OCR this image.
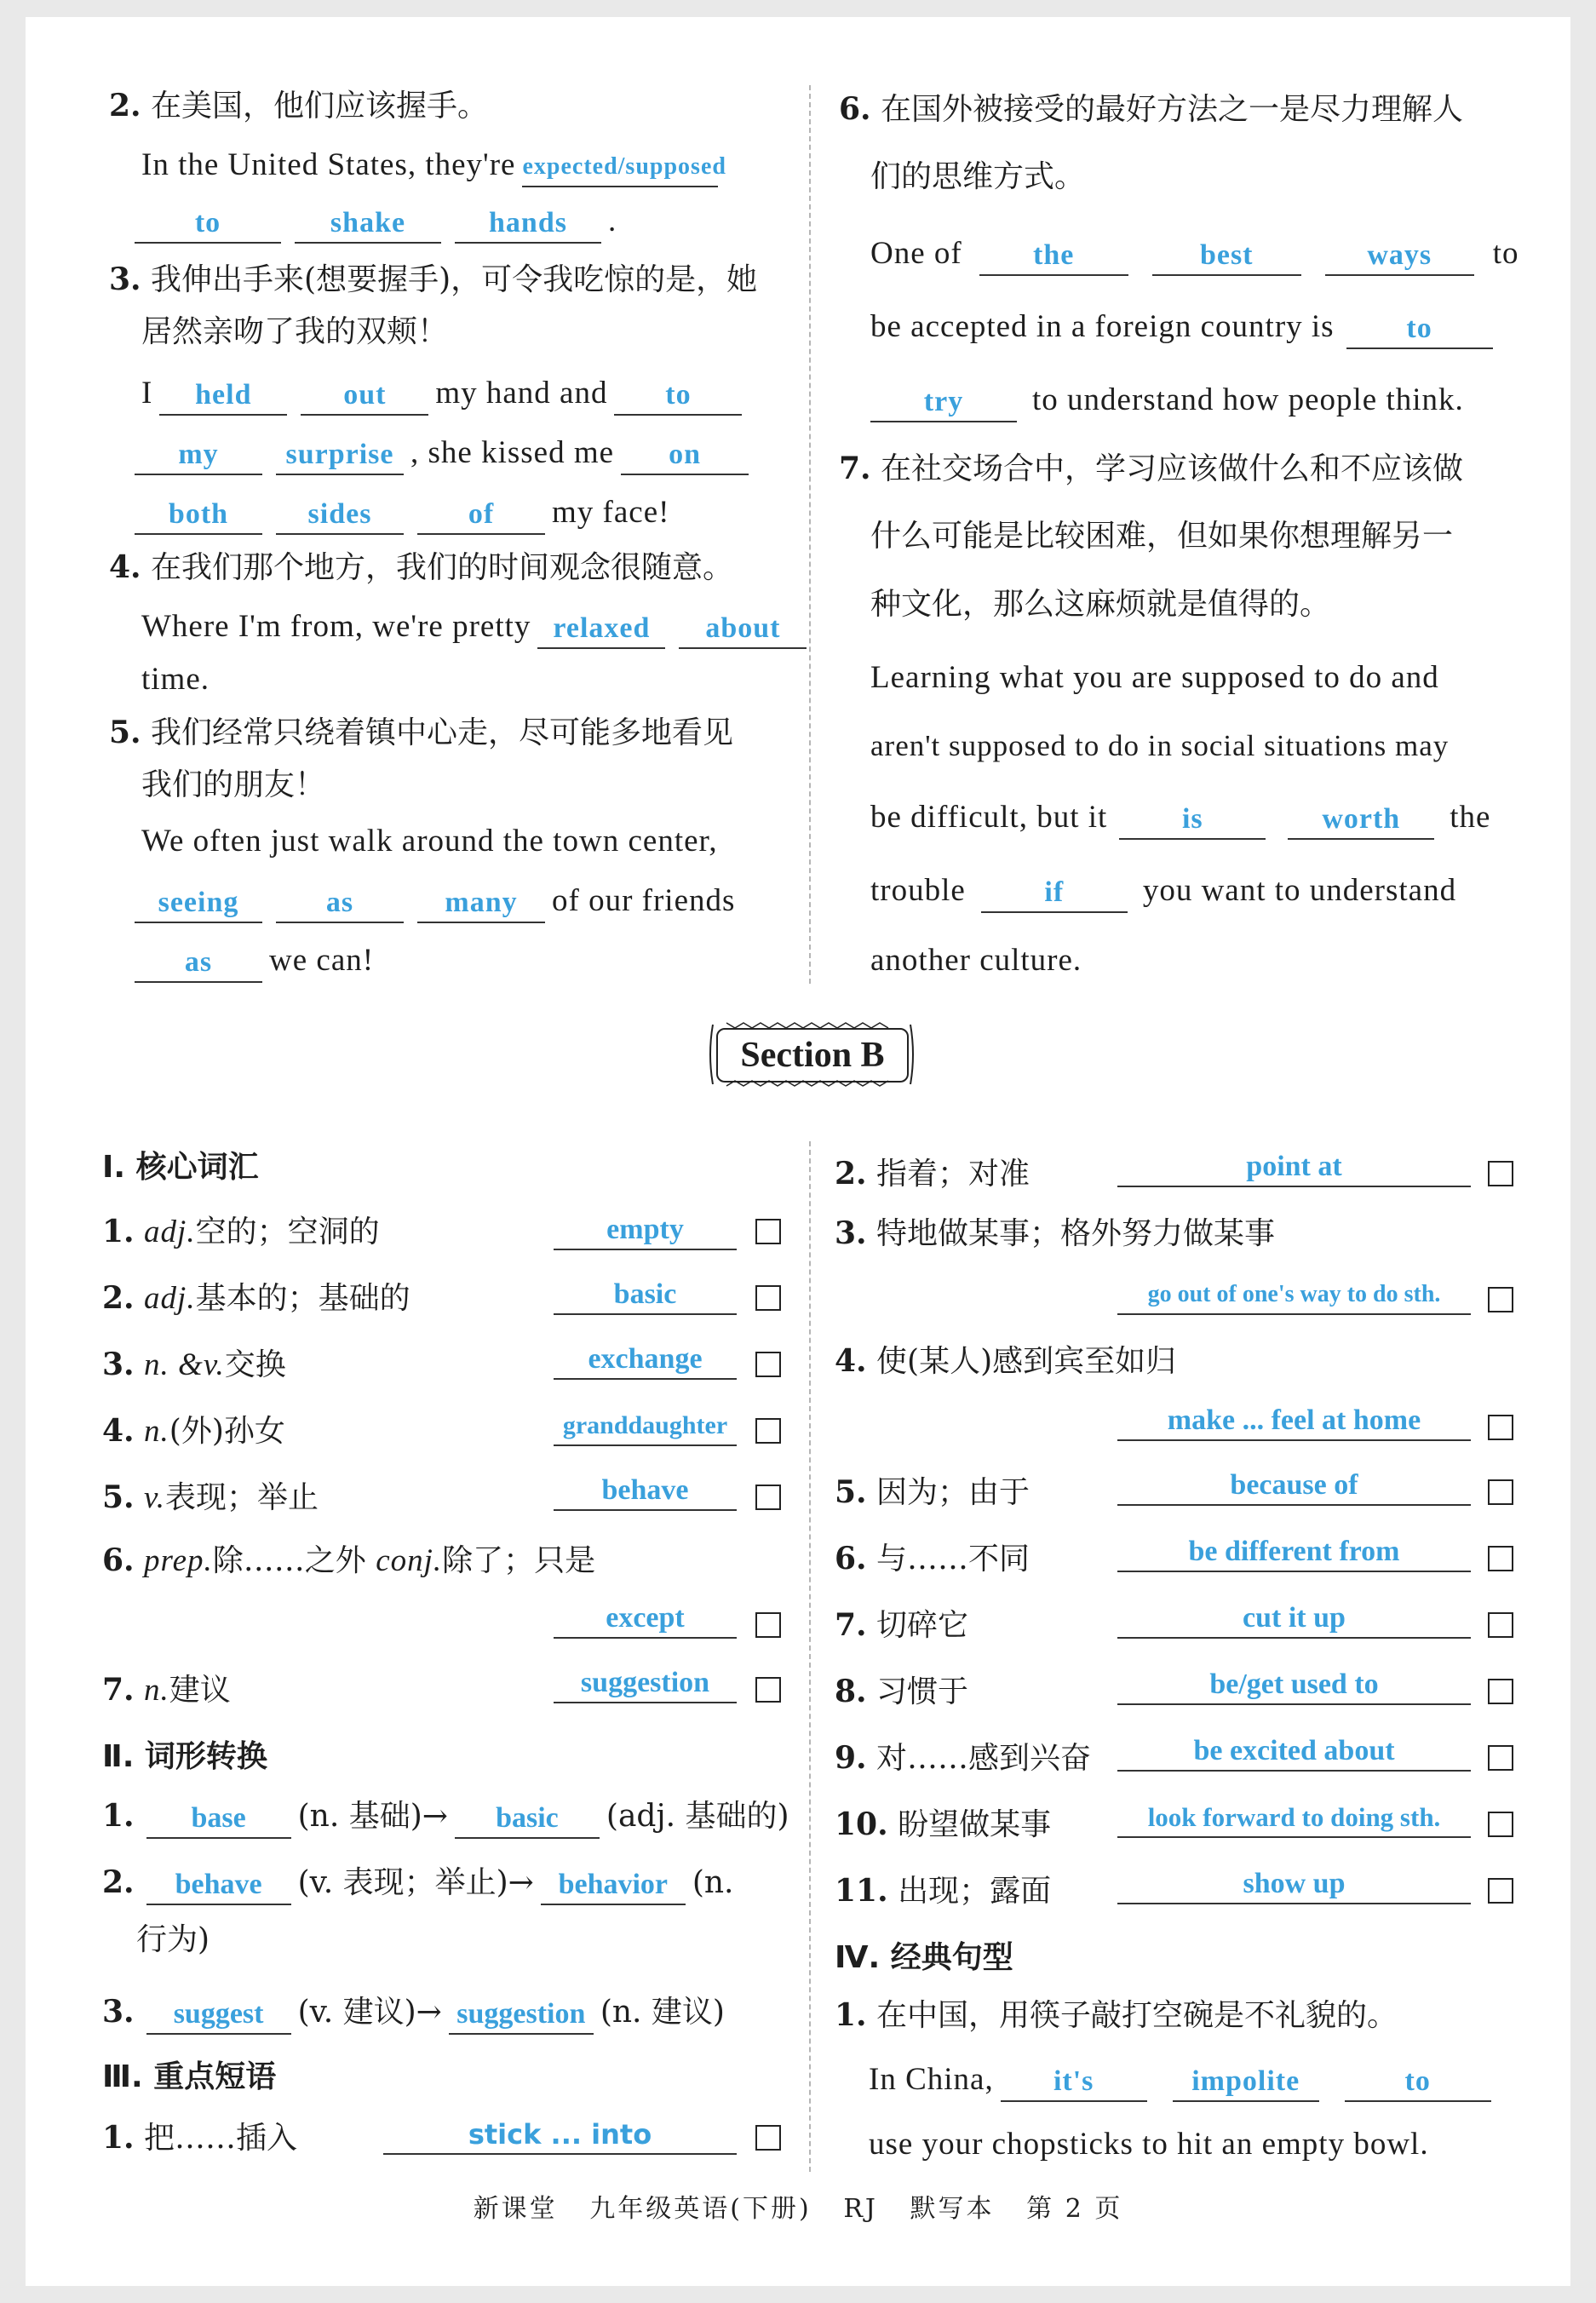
2. 在美国，他们应该握手。
In the United States, they're expected/supposed
to	shake	hands .
3. 我伸出手来(想要握手)，可令我吃惊的是，她
居然亲吻了我的双颊！
I held	out my hand and to
my surprise , she kissed me on
both	sides	of my face!
4. 在我们那个地方，我们的时间观念很随意。
Where I'm from, we're pretty relaxed about
time.
5. 我们经常只绕着镇中心走，尽可能多地看见
我们的朋友！
We often just walk around the town center,
seeing	as	many of our friends
as we can!
6. 在国外被接受的最好方法之一是尽力理解人
们的思维方式。
One of the	best	ways to
be accepted in a foreign country is to
try to understand how people think.
7. 在社交场合中，学习应该做什么和不应该做
什么可能是比较困难，但如果你想理解另一
种文化，那么这麻烦就是值得的。
Learning what you are supposed to do and
aren't supposed to do in social situations may
be difficult, but it	is	worth the
trouble	if	you want to understand
another culture.
Section B
Ⅰ. 核心词汇
1. adj.空的；空洞的	empty
2. adj.基本的；基础的	basic
3. n. &v.交换	exchange
4. n.(外)孙女	granddaughter
5. v.表现；举止	behave
6. prep.除……之外 conj.除了；只是
except
7. n.建议	suggestion
Ⅱ. 词形转换
1. base (n. 基础)→ basic (adj. 基础的)
2. behave (v. 表现；举止)→ behavior (n.
行为)
3. suggest (v. 建议)→ suggestion (n. 建议)
Ⅲ. 重点短语
1. 把……插入	stick ... into
2. 指着；对准	point at
3. 特地做某事；格外努力做某事
go out of one's way to do sth.
4. 使(某人)感到宾至如归
make ... feel at home
5. 因为；由于	because of
6. 与……不同	be different from
7. 切碎它	cut it up
8. 习惯于	be/get used to
9. 对……感到兴奋	be excited about
10. 盼望做某事	look forward to doing sth.
11. 出现；露面	show up
Ⅳ. 经典句型
1. 在中国，用筷子敲打空碗是不礼貌的。
In China, it's	impolite	to
use your chopsticks to hit an empty bowl.
新课堂 九年级英语(下册) RJ 默写本 第 2 页
